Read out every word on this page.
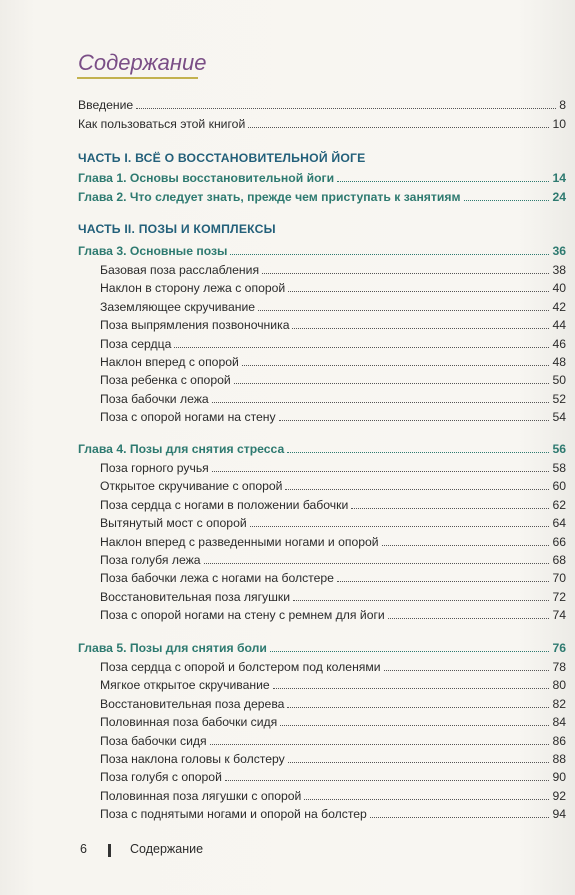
Содержание
Введение	8
Как пользоваться этой книгой	10
ЧАСТЬ I. ВСЁ О ВОССТАНОВИТЕЛЬНОЙ ЙОГЕ
Глава 1. Основы восстановительной йоги	14
Глава 2. Что следует знать, прежде чем приступать к занятиям	24
ЧАСТЬ II. ПОЗЫ И КОМПЛЕКСЫ
Глава 3. Основные позы	36
Базовая поза расслабления	38
Наклон в сторону лежа с опорой	40
Заземляющее скручивание	42
Поза выпрямления позвоночника	44
Поза сердца	46
Наклон вперед с опорой	48
Поза ребенка с опорой	50
Поза бабочки лежа	52
Поза с опорой ногами на стену	54
Глава 4. Позы для снятия стресса	56
Поза горного ручья	58
Открытое скручивание с опорой	60
Поза сердца с ногами в положении бабочки	62
Вытянутый мост с опорой	64
Наклон вперед с разведенными ногами и опорой	66
Поза голубя лежа	68
Поза бабочки лежа с ногами на болстере	70
Восстановительная поза лягушки	72
Поза с опорой ногами на стену с ремнем для йоги	74
Глава 5. Позы для снятия боли	76
Поза сердца с опорой и болстером под коленями	78
Мягкое открытое скручивание	80
Восстановительная поза дерева	82
Половинная поза бабочки сидя	84
Поза бабочки сидя	86
Поза наклона головы к болстеру	88
Поза голубя с опорой	90
Половинная поза лягушки с опорой	92
Поза с поднятыми ногами и опорой на болстер	94
6	Содержание
